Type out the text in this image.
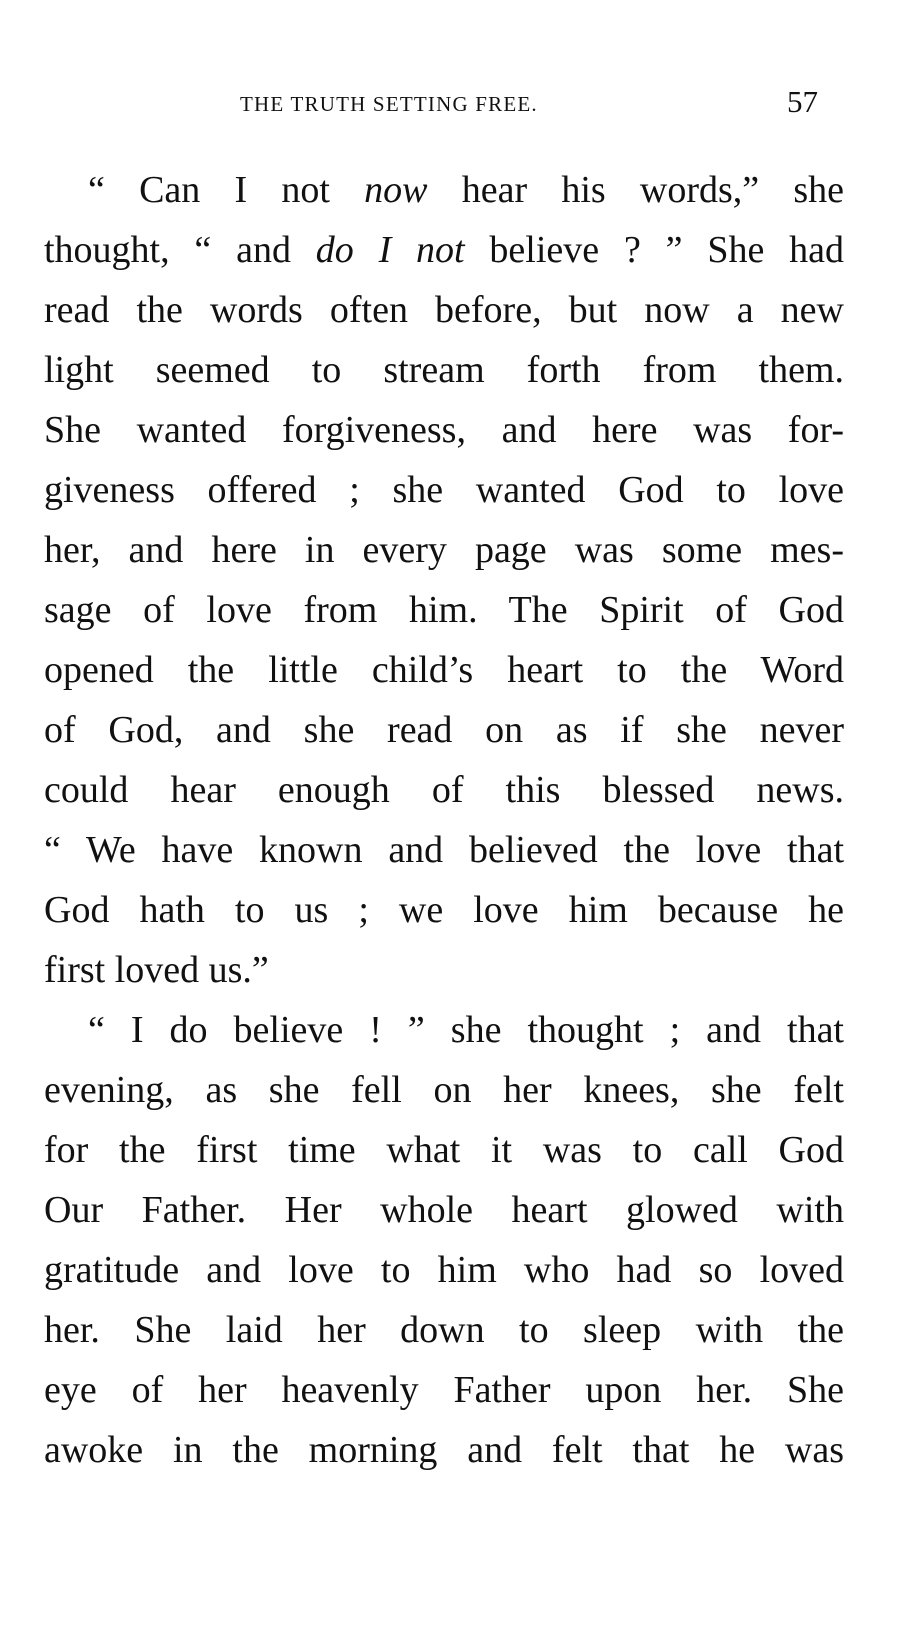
THE TRUTH SETTING FREE.	57
“ Can I not now hear his words,” she
thought, “ and do I not believe ? ” She had
read the words often before, but now a new
light seemed to stream forth from them.
She wanted forgiveness, and here was for-
giveness offered ; she wanted God to love
her, and here in every page was some mes-
sage of love from him. The Spirit of God
opened the little child’s heart to the Word
of God, and she read on as if she never
could hear enough of this blessed news.
“ We have known and believed the love that
God hath to us ; we love him because he
first loved us.”
“ I do believe ! ” she thought ; and that
evening, as she fell on her knees, she felt
for the first time what it was to call God
Our Father. Her whole heart glowed with
gratitude and love to him who had so loved
her. She laid her down to sleep with the
eye of her heavenly Father upon her. She
awoke in the morning and felt that he was
